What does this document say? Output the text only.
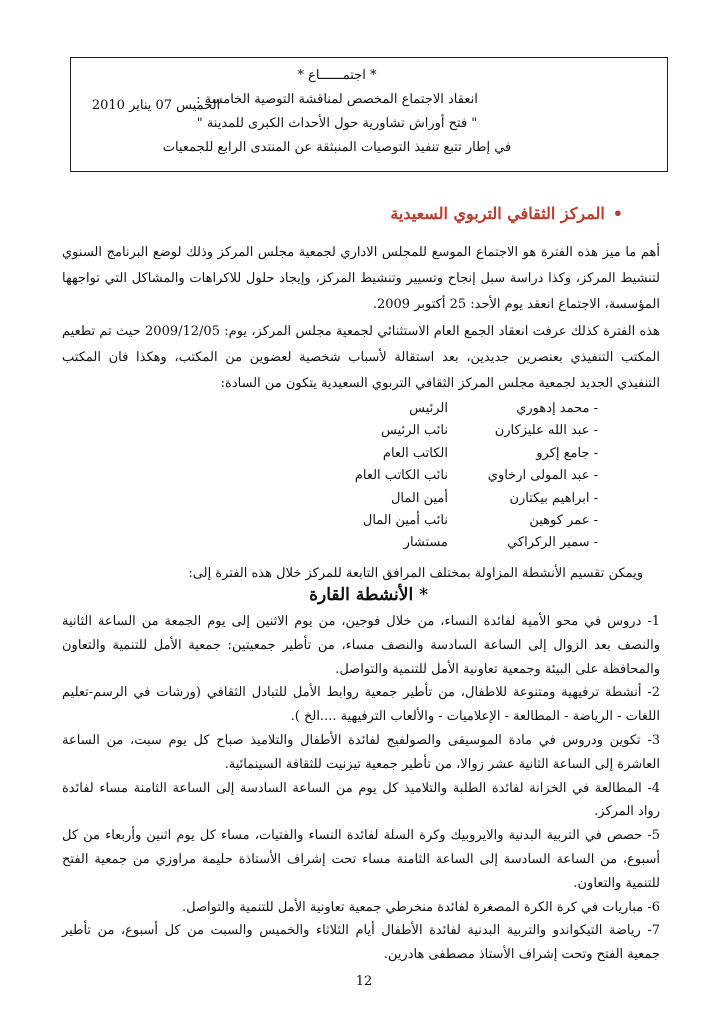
* اجتمــــــاع *
انعقاد الاجتماع المخصص لمناقشة التوصية الخامسة :
" فتح أوراش تشاورية حول الأحداث الكبرى للمدينة "
في إطار تتبع تنفيذ التوصيات المنبثقة عن المنتدى الرابع للجمعيات
الخميس 07 يناير 2010
•المركز الثقافي التربوي السعيدية
أهم ما ميز هذه الفترة هو الاجتماع الموسع للمجلس الاداري لجمعية مجلس المركز وذلك لوضع البرنامج السنوي لتنشيط المركز، وكذا دراسة سبل إنجاح وتسيير وتنشيط المركز، وإيجاد حلول للاكراهات والمشاكل التي تواجهها المؤسسة، الاجتماع انعقد يوم الأحد: 25 أكتوبر 2009.
هذه الفترة كذلك عرفت انعقاد الجمع العام الاستثنائي لجمعية مجلس المركز، يوم: 2009/12/05 حيث تم تطعيم المكتب التنفيذي بعنصرين جديدين، بعد استقالة لأسباب شخصية لعضوين من المكتب، وهكذا فان المكتب التنفيذي الجديد لجمعية مجلس المركز الثقافي التربوي السعيدية يتكون من السادة:
- محمد إدهوري
الرئيس
- عبد الله عليزكارن
نائب الرئيس
- جامع إكرو
الكاتب العام
- عبد المولى ارخاوي
نائب الكاتب العام
- ابراهيم بيكتارن
أمين المال
- عمر كوهين
نائب أمين المال
- سمير الركراكي
مستشار
ويمكن تقسيم الأنشطة المزاولة بمختلف المرافق التابعة للمركز خلال هذه الفترة إلى:
* الأنشطة القارة

1- دروس في محو الأمية لفائدة النساء، من خلال فوجين، من يوم الاثنين إلى يوم الجمعة من الساعة الثانية والنصف بعد الزوال إلى الساعة السادسة والنصف مساء، من تأطير جمعيتين: جمعية الأمل للتنمية والتعاون والمحافظة على البيئة وجمعية تعاونية الأمل للتنمية والتواصل.

2- أنشطة ترفيهية ومتنوعة للاطفال، من تأطير جمعية روابط الأمل للتبادل الثقافي (ورشات في الرسم-تعليم اللغات - الرياضة - المطالعة - الإعلاميات - والألعاب الترفيهية ....الخ ).

3- تكوين ودروس في مادة الموسيقى والصولفيج لفائدة الأطفال والتلاميذ صباح كل يوم سبت، من الساعة العاشرة إلى الساعة الثانية عشر زوالا، من تأطير جمعية تيزنيت للثقافة السينمائية.

4- المطالعة في الخزانة لفائدة الطلبة والتلاميذ كل يوم من الساعة السادسة إلى الساعة الثامنة مساء لفائدة رواد المركز.

5- حصص في التربية البدنية والايروبيك وكرة السلة لفائدة النساء والفتيات، مساء كل يوم اثنين وأربعاء من كل أسبوع، من الساعة السادسة إلى الساعة الثامنة مساء تحت إشراف الأستاذة حليمة مراوزي من جمعية الفتح للتنمية والتعاون.

6- مباريات في كرة الكرة المصغرة لفائدة منخرطي جمعية تعاونية الأمل للتنمية والتواصل.

7- رياضة التيكواندو والتربية البدنية لفائدة الأطفال أيام الثلاثاء والخميس والسبت من كل أسبوع، من تأطير جمعية الفتح وتحت إشراف الأستاذ مصطفى هادرين.

12
